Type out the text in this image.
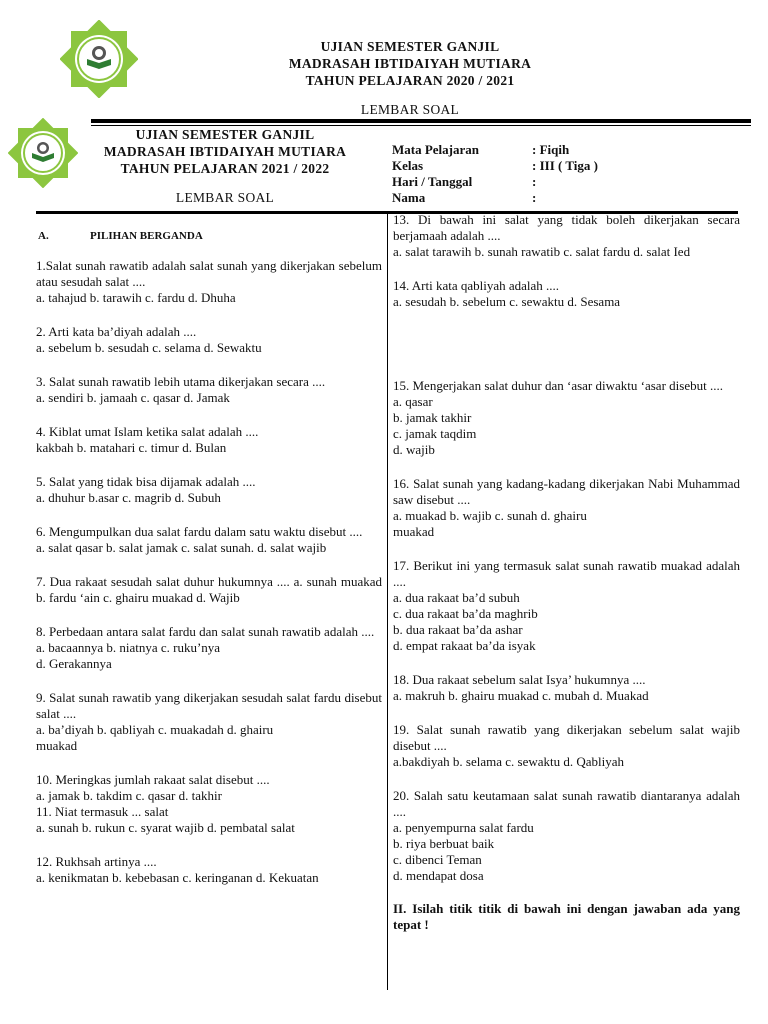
UJIAN SEMESTER GANJIL
MADRASAH IBTIDAIYAH MUTIARA
TAHUN PELAJARAN 2020 / 2021
LEMBAR SOAL
UJIAN SEMESTER GANJIL
MADRASAH IBTIDAIYAH MUTIARA
TAHUN PELAJARAN 2021 / 2022
LEMBAR SOAL
Mata Pelajaran	: Fiqih
Kelas	: III ( Tiga )
Hari / Tanggal	:
Nama	:
A.	PILIHAN BERGANDA
1.Salat sunah rawatib adalah salat sunah yang dikerjakan sebelum atau sesudah salat ....
a. tahajud b. tarawih c. fardu d. Dhuha
2. Arti kata ba’diyah adalah ....
a. sebelum b. sesudah c. selama d. Sewaktu
3. Salat sunah rawatib lebih utama dikerjakan secara ....
a. sendiri b. jamaah c. qasar d. Jamak
4. Kiblat umat Islam ketika salat adalah ....
kakbah b. matahari c. timur d. Bulan
5. Salat yang tidak bisa dijamak adalah ....
a. dhuhur b.asar c. magrib d. Subuh
6. Mengumpulkan dua salat fardu dalam satu waktu disebut ....
a. salat qasar b. salat jamak c. salat sunah. d. salat wajib
7. Dua rakaat sesudah salat duhur hukumnya .... a. sunah muakad b. fardu ‘ain c. ghairu muakad d. Wajib
8. Perbedaan antara salat fardu dan salat sunah rawatib adalah ....
a. bacaannya b. niatnya c. ruku’nya
d. Gerakannya
9. Salat sunah rawatib yang dikerjakan sesudah salat fardu disebut salat ....
a. ba’diyah b. qabliyah c. muakadah d. ghairu
muakad
10. Meringkas jumlah rakaat salat disebut ....
a. jamak b. takdim c. qasar d. takhir
11. Niat termasuk ... salat
a. sunah b. rukun c. syarat wajib d. pembatal salat
12. Rukhsah artinya ....
a. kenikmatan b. kebebasan c. keringanan d. Kekuatan
13. Di bawah ini salat yang tidak boleh dikerjakan secara berjamaah adalah ....
a. salat tarawih b. sunah rawatib c. salat fardu d. salat Ied
14. Arti kata qabliyah adalah ....
a. sesudah b. sebelum c. sewaktu d. Sesama
15. Mengerjakan salat duhur dan ‘asar diwaktu ‘asar disebut ....
a. qasar
b. jamak takhir
c. jamak taqdim
d. wajib
16. Salat sunah yang kadang-kadang dikerjakan Nabi Muhammad saw disebut ....
a. muakad b. wajib c. sunah d. ghairu
muakad
17. Berikut ini yang termasuk salat sunah rawatib muakad adalah ....
a. dua rakaat ba’d subuh
c. dua rakaat ba’da maghrib
b. dua rakaat ba’da ashar
d. empat rakaat ba’da isyak
18. Dua rakaat sebelum salat Isya’ hukumnya ....
a. makruh b. ghairu muakad c. mubah d. Muakad
19. Salat sunah rawatib yang dikerjakan sebelum salat wajib disebut ....
a.bakdiyah b. selama c. sewaktu d. Qabliyah
20. Salah satu keutamaan salat sunah rawatib diantaranya adalah ....
a. penyempurna salat fardu
b. riya berbuat baik
c. dibenci Teman
d. mendapat dosa
II. Isilah titik titik di bawah ini dengan jawaban ada yang tepat !
